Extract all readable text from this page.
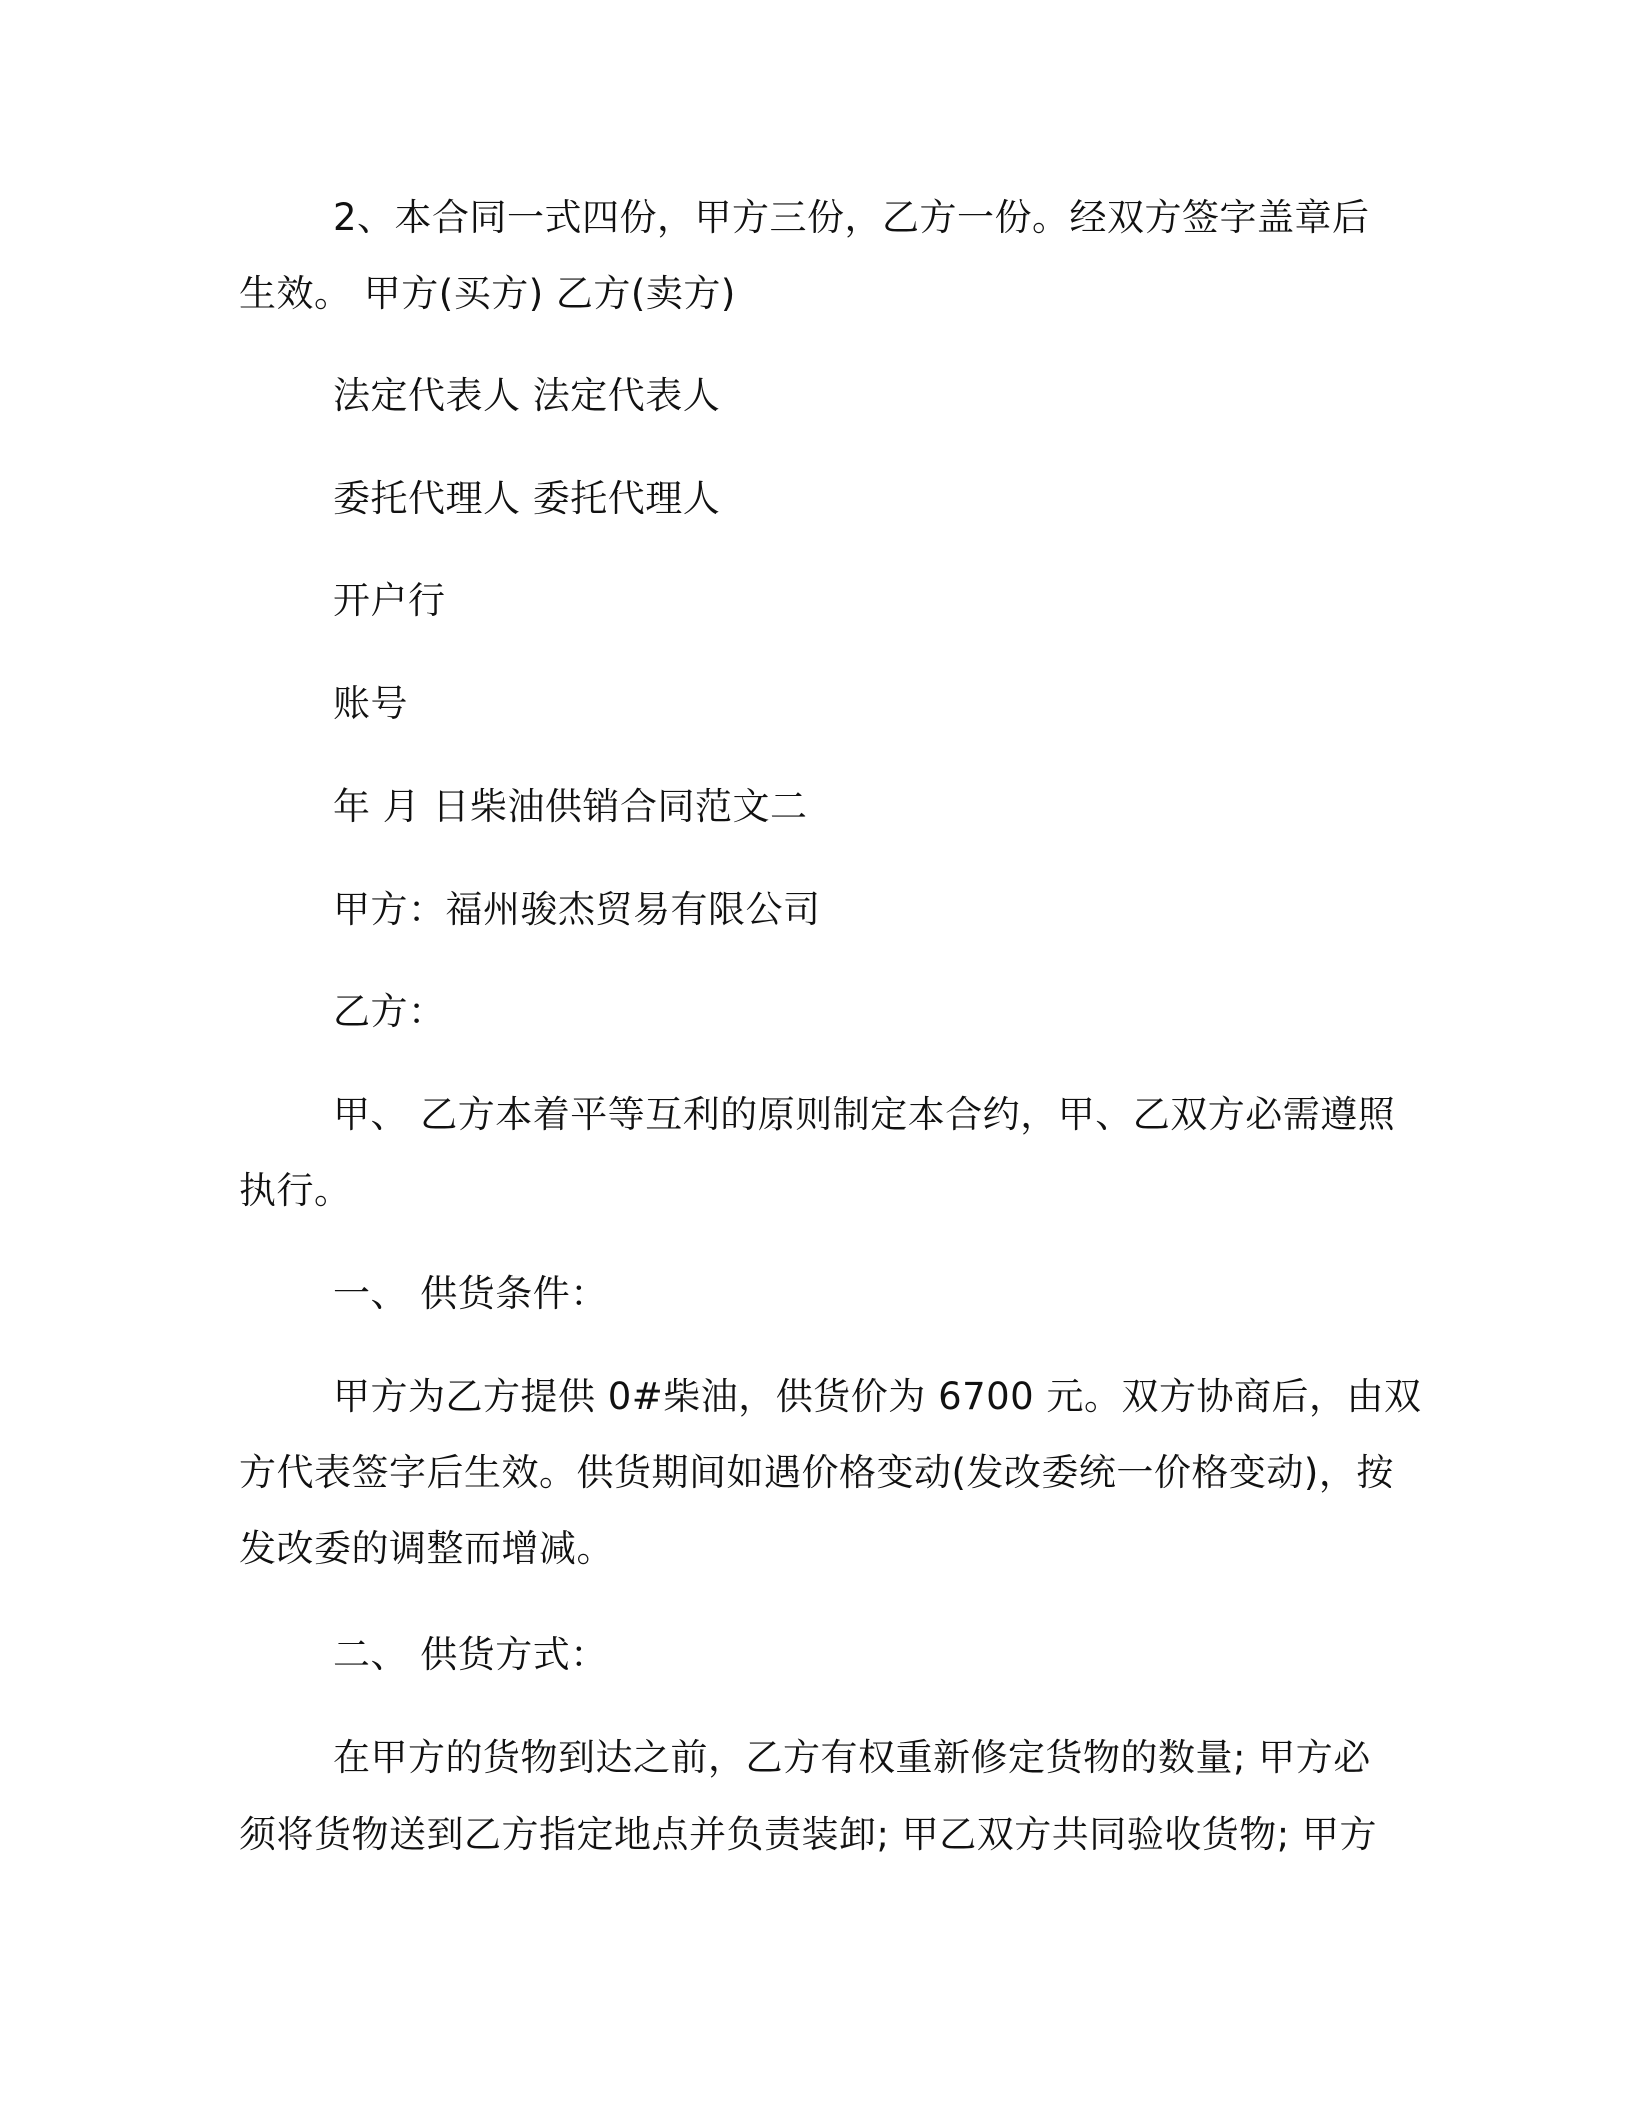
2、本合同一式四份，甲方三份，乙方一份。经双方签字盖章后
生效。 甲方(买方) 乙方(卖方)
法定代表人 法定代表人
委托代理人 委托代理人
开户行
账号
年 月 日柴油供销合同范文二
甲方：福州骏杰贸易有限公司
乙方：
甲、 乙方本着平等互利的原则制定本合约，甲、乙双方必需遵照
执行。
一、 供货条件：
甲方为乙方提供 0#柴油，供货价为 6700 元。双方协商后，由双
方代表签字后生效。供货期间如遇价格变动(发改委统一价格变动)，按
发改委的调整而增减。
二、 供货方式：
在甲方的货物到达之前，乙方有权重新修定货物的数量; 甲方必
须将货物送到乙方指定地点并负责装卸; 甲乙双方共同验收货物; 甲方
